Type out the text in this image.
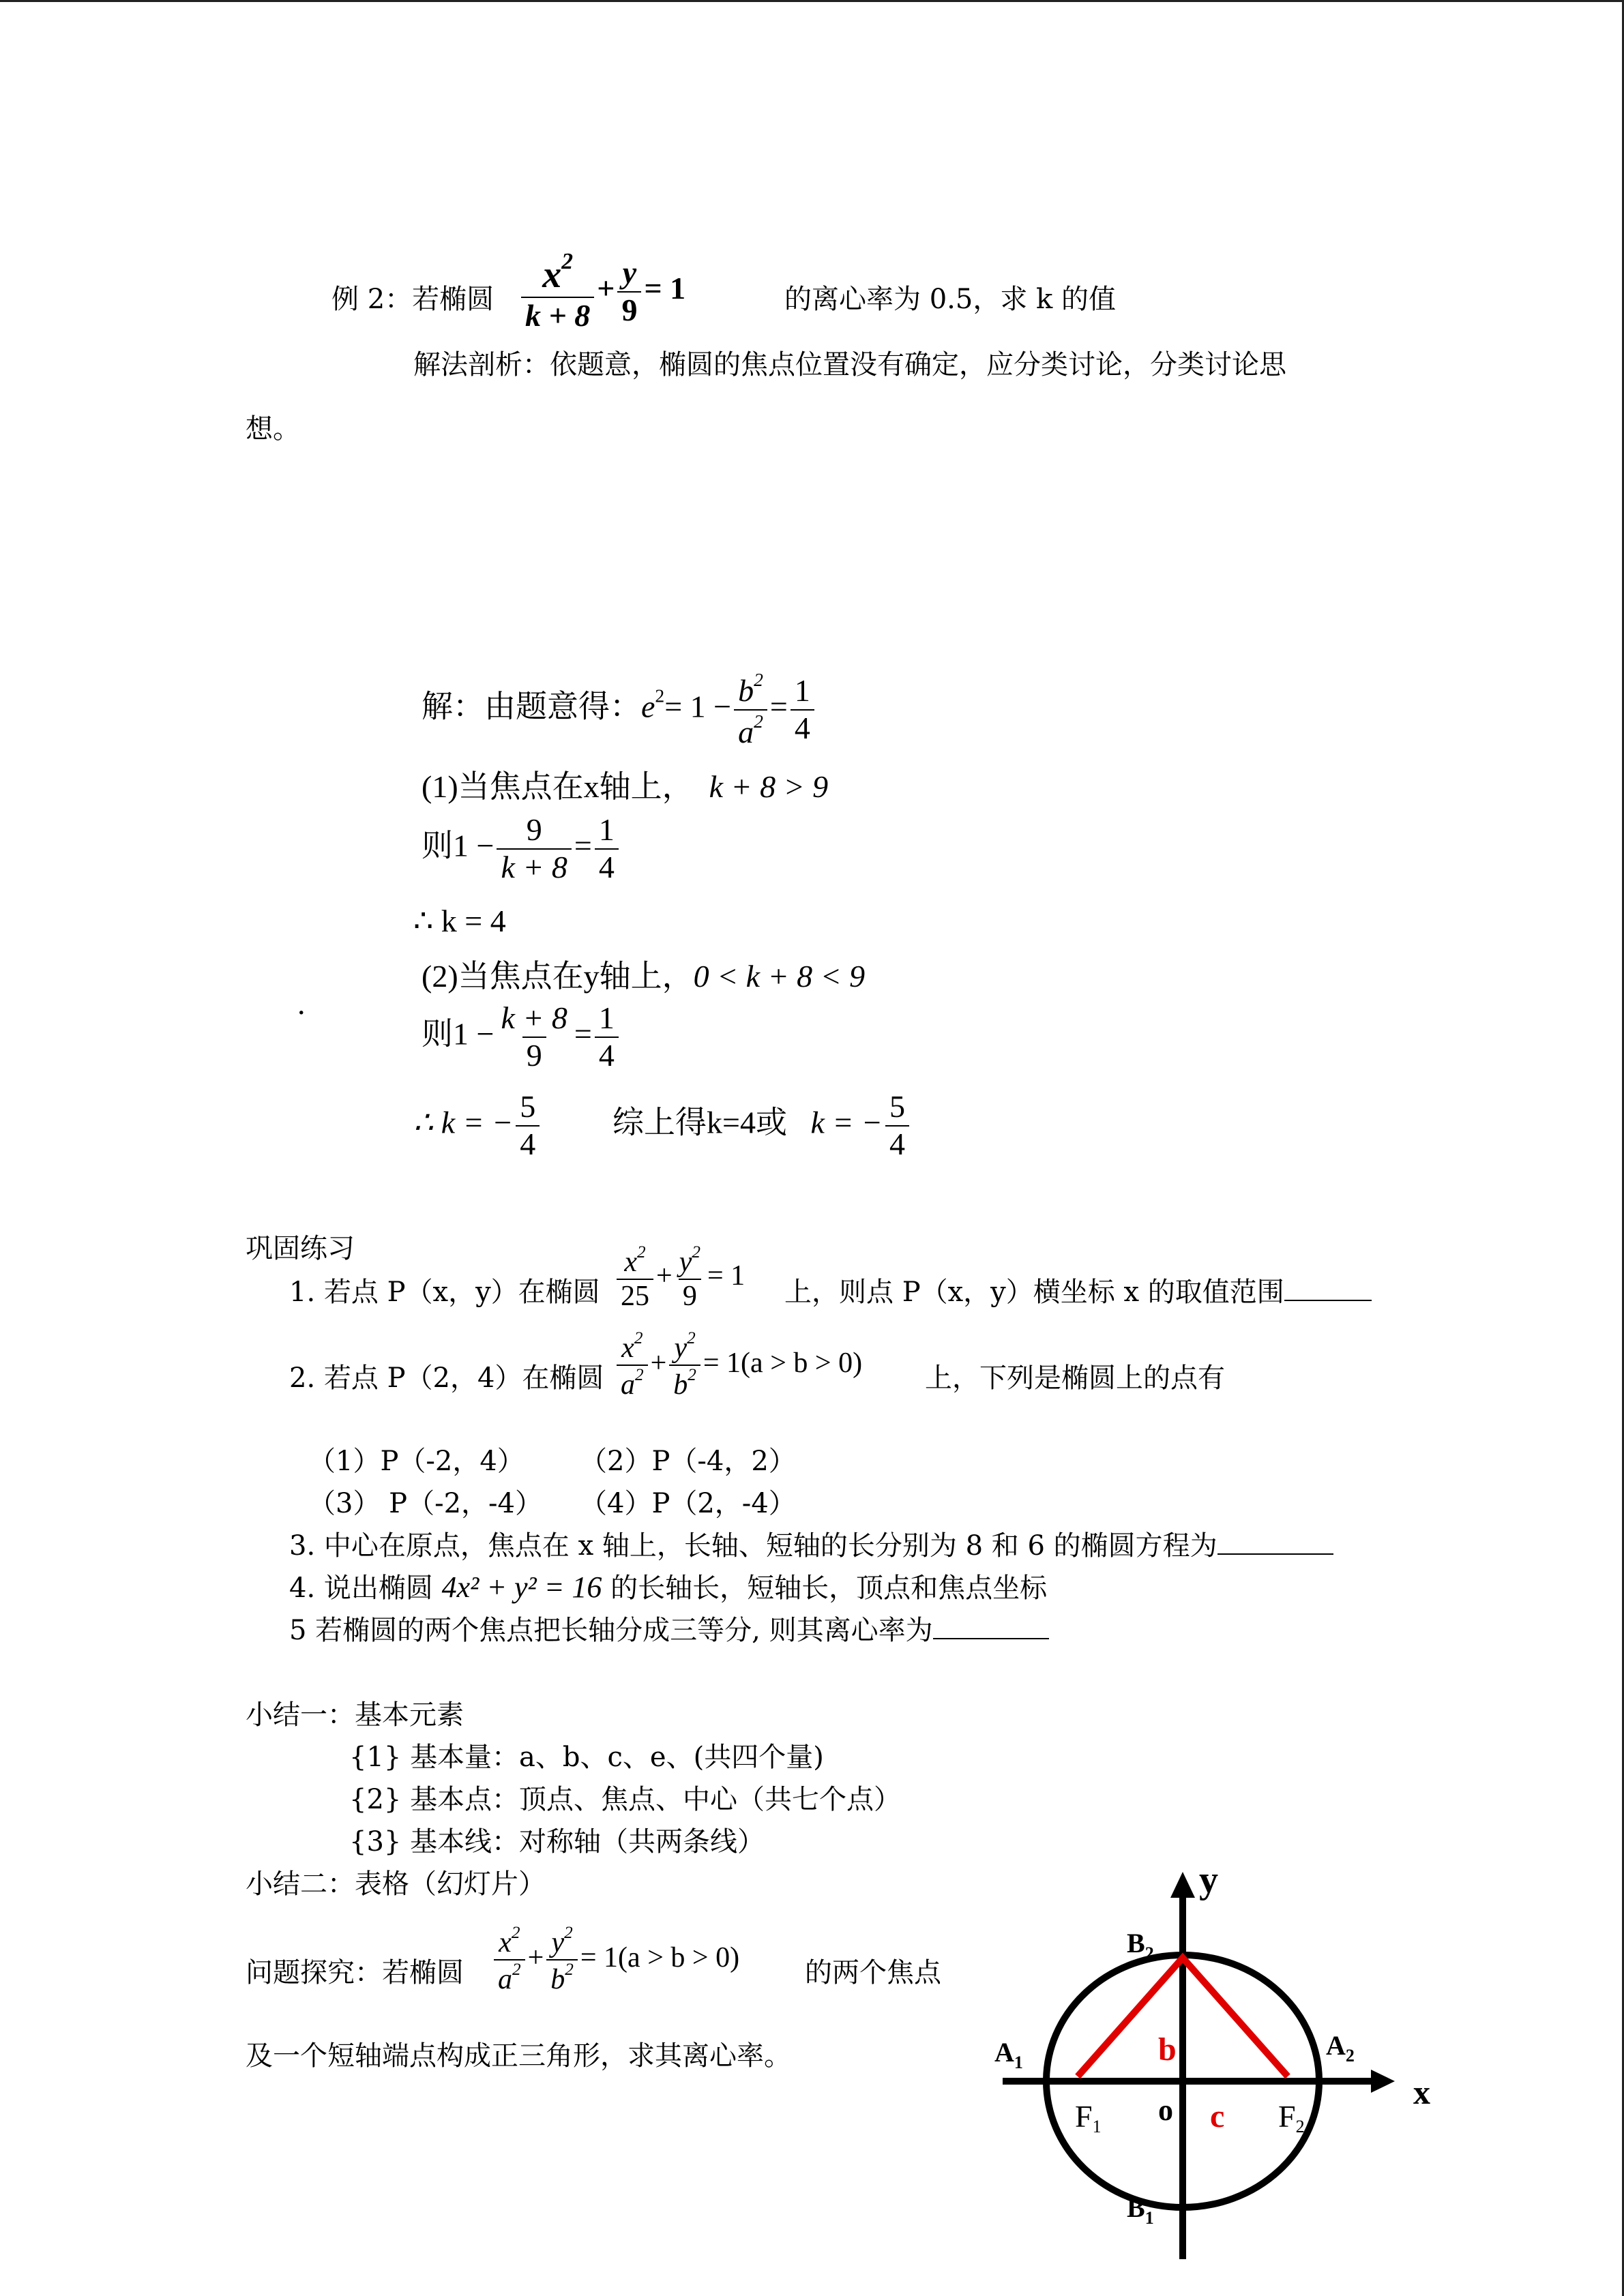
例 2：若椭圆 $\frac{x^2}{k + 8} + \frac{y}{9} = 1$	的离心率为 0.5，求 k 的值
解法剖析：依题意，椭圆的焦点位置没有确定，应分类讨论，分类讨论思
想。
解：由题意得：$e^2= 1 - \frac{b^2}{a^2} = \frac{1}{4}$
(1)当焦点在x轴上， k + 8 > 9
则$1 - \frac{9}{k + 8} = \frac{1}{4}$
∴ k = 4
(2)当焦点在y轴上，0 < k + 8 < 9
.
则$1 - \frac{k + 8}{9} = \frac{1}{4}$
∴ k = − $\frac{5}{4}$ 综上得k=4或 k = − $\frac{5}{4}$
巩固练习
1. 若点 P（x，y）在椭圆 $\frac{x^2}{25} + \frac{y^2}{9} = 1$
上，则点 P（x，y）横坐标 x 的取值范围
2. 若点 P（2，4）在椭圆 $\frac{x^2}{a^2} + \frac{y^2}{b^2} = 1(a > b > 0)$ 上，下列是椭圆上的点有
（1）P（-2，4） （2）P（-4，2）
（3） P（-2，-4） （4）P（2，-4）
3. 中心在原点，焦点在 x 轴上，长轴、短轴的长分别为 8 和 6 的椭圆方程为
4. 说出椭圆 4x² + y² = 16 的长轴长，短轴长，顶点和焦点坐标
5 若椭圆的两个焦点把长轴分成三等分, 则其离心率为
小结一：基本元素
{1} 基本量：a、b、c、e、(共四个量)
{2} 基本点：顶点、焦点、中心（共七个点）
{3} 基本线：对称轴（共两条线）
小结二：表格（幻灯片）
问题探究：若椭圆 $\frac{x^2}{a^2} + \frac{y^2}{b^2} = 1(a > b > 0)$ 的两个焦点
及一个短轴端点构成正三角形，求其离心率。
y
x
$B_2$
$B_1$
$A_1$
$A_2$
F1	F2
o
b
c
